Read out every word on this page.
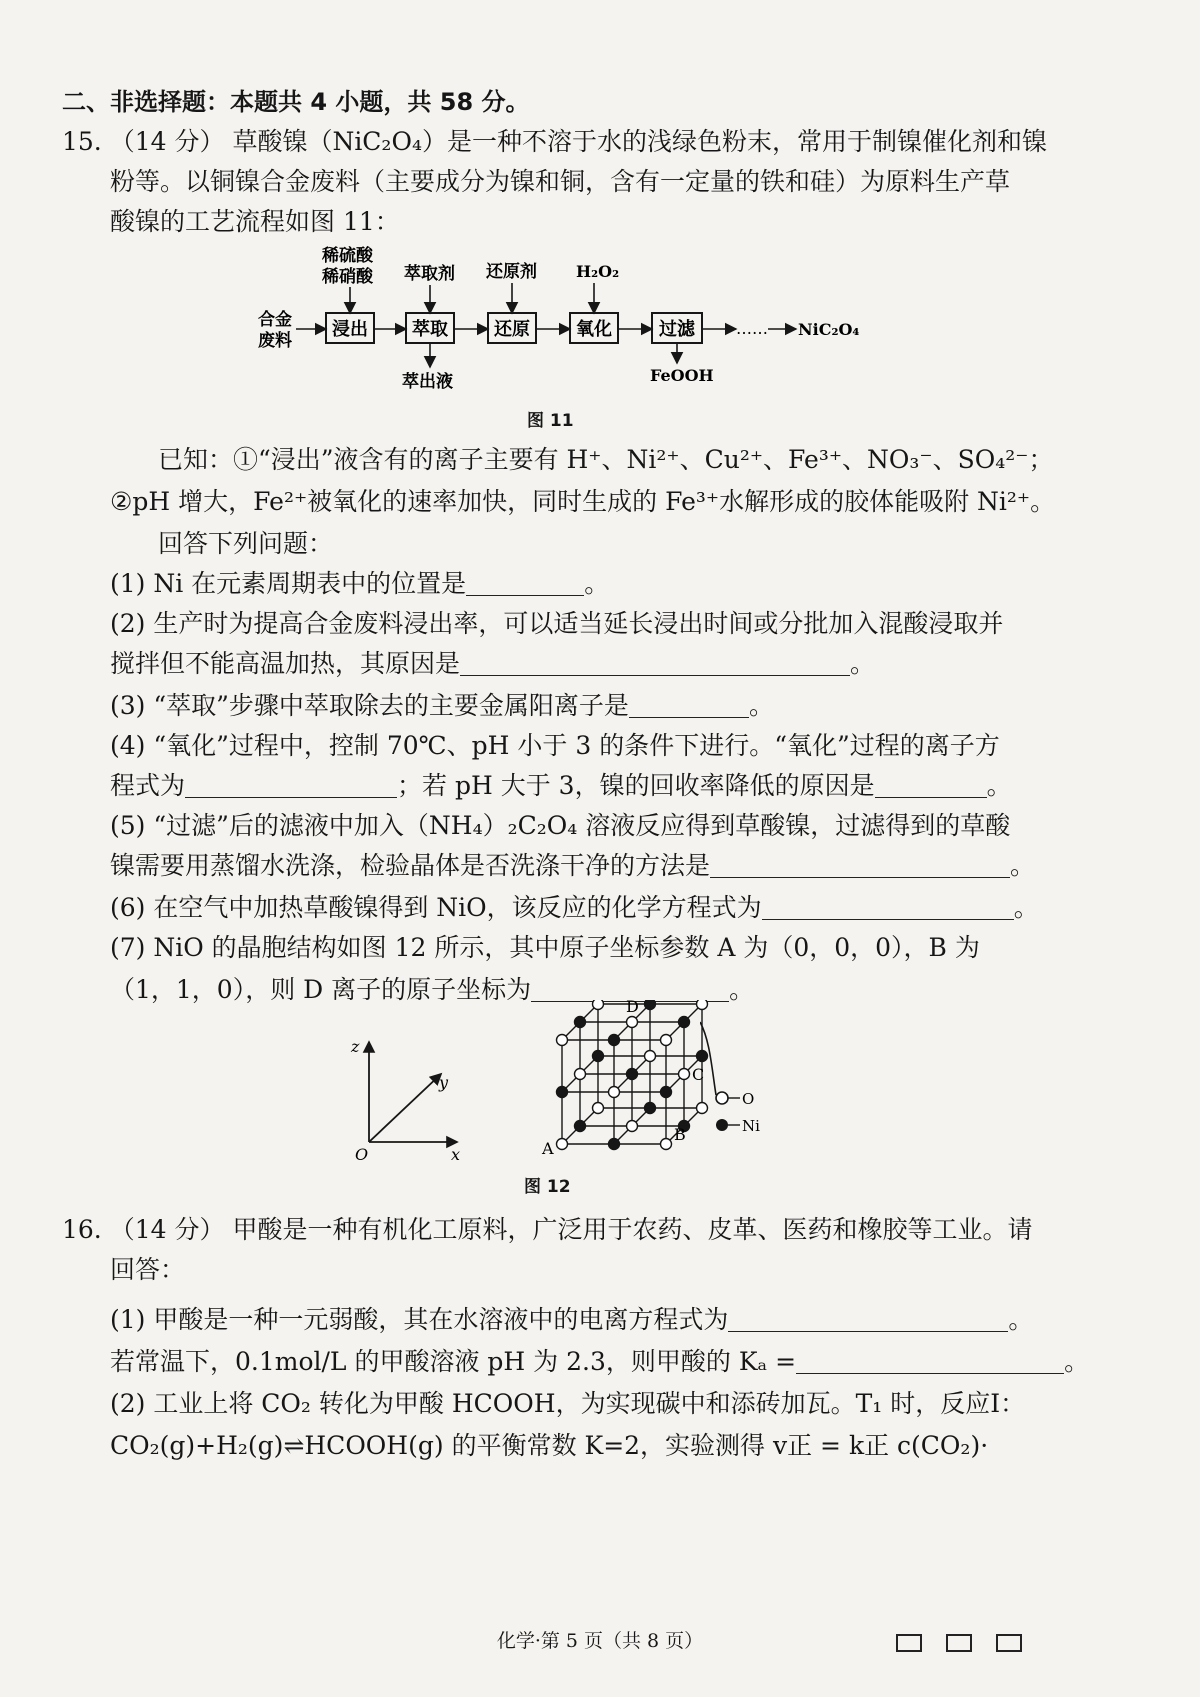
二、非选择题：本题共 4 小题，共 58 分。
15. （14 分） 草酸镍（NiC₂O₄）是一种不溶于水的浅绿色粉末，常用于制镍催化剂和镍
粉等。以铜镍合金废料（主要成分为镍和铜，含有一定量的铁和硅）为原料生产草
酸镍的工艺流程如图 11：
合金
废料
浸出 萃取	还原	氧化	过滤	…… NiC₂O₄
稀硫酸
稀硝酸 萃取剂 还原剂 H₂O₂
萃出液	FeOOH
图 11
已知：①“浸出”液含有的离子主要有 H⁺、Ni²⁺、Cu²⁺、Fe³⁺、NO₃⁻、SO₄²⁻；
②pH 增大，Fe²⁺被氧化的速率加快，同时生成的 Fe³⁺水解形成的胶体能吸附 Ni²⁺。
回答下列问题：
(1) Ni 在元素周期表中的位置是	。
(2) 生产时为提高合金废料浸出率，可以适当延长浸出时间或分批加入混酸浸取并
搅拌但不能高温加热，其原因是	。
(3) “萃取”步骤中萃取除去的主要金属阳离子是	。
(4) “氧化”过程中，控制 70℃、pH 小于 3 的条件下进行。“氧化”过程的离子方
程式为	；若 pH 大于 3，镍的回收率降低的原因是	。
(5) “过滤”后的滤液中加入（NH₄）₂C₂O₄ 溶液反应得到草酸镍，过滤得到的草酸
镍需要用蒸馏水洗涤，检验晶体是否洗涤干净的方法是	。
(6) 在空气中加热草酸镍得到 NiO，该反应的化学方程式为	。
(7) NiO 的晶胞结构如图 12 所示，其中原子坐标参数 A 为（0，0，0），B 为
（1，1，0），则 D 离子的原子坐标为	。
z
y
x
O	A
B
C
D
O
Ni
图 12
16. （14 分） 甲酸是一种有机化工原料，广泛用于农药、皮革、医药和橡胶等工业。请
回答：
(1) 甲酸是一种一元弱酸，其在水溶液中的电离方程式为	。
若常温下，0.1mol/L 的甲酸溶液 pH 为 2.3，则甲酸的 Kₐ =	。
(2) 工业上将 CO₂ 转化为甲酸 HCOOH，为实现碳中和添砖加瓦。T₁ 时，反应Ⅰ：
CO₂(g)+H₂(g)⇌HCOOH(g) 的平衡常数 K=2，实验测得 v正 = k正 c(CO₂)·
化学·第 5 页（共 8 页）
